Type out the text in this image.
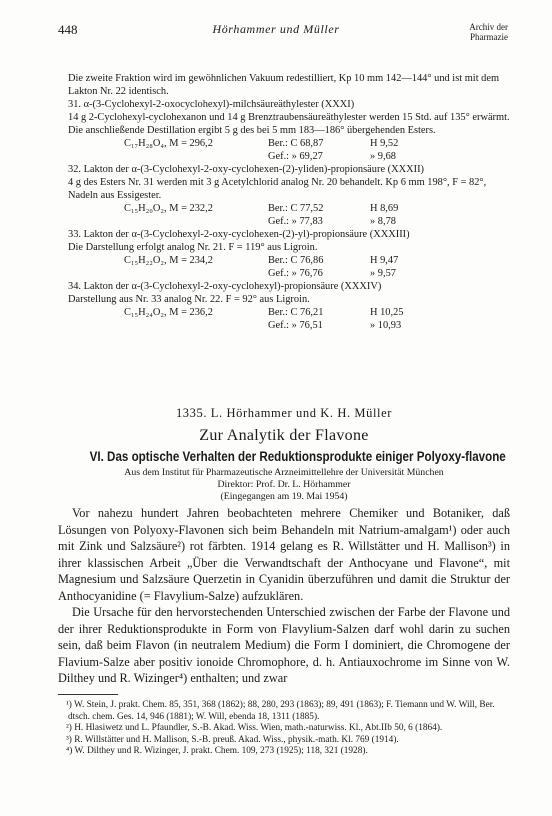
448	Hörhammer und Müller	Archiv der
Pharmazie

Die zweite Fraktion wird im gewöhnlichen Vakuum redestilliert, Kp 10 mm 142—144° und ist mit dem Lakton Nr. 22 identisch.

31. α-(3-Cyclohexyl-2-oxocyclohexyl)-milchsäureäthylester (XXXI)

14 g 2-Cyclohexyl-cyclohexanon und 14 g Brenztraubensäureäthylester werden 15 Std. auf 135° erwärmt. Die anschließende Destillation ergibt 5 g des bei 5 mm 183—186° übergehenden Esters.

C₁₇H₂₈O₄, M = 296,2	Ber.: C 68,87	H 9,52
Gef.: » 69,27	» 9,68

32. Lakton der α-(3-Cyclohexyl-2-oxy-cyclohexen-(2)-yliden)-propionsäure (XXXII)

4 g des Esters Nr. 31 werden mit 3 g Acetylchlorid analog Nr. 20 behandelt. Kp 6 mm 198°, F = 82°, Nadeln aus Essigester.

C₁₅H₂₀O₂, M = 232,2	Ber.: C 77,52	H 8,69
Gef.: » 77,83	» 8,78

33. Lakton der α-(3-Cyclohexyl-2-oxy-cyclohexen-(2)-yl)-propionsäure (XXXIII)

Die Darstellung erfolgt analog Nr. 21. F = 119° aus Ligroin.

C₁₅H₂₂O₂, M = 234,2	Ber.: C 76,86	H 9,47
Gef.: » 76,76	» 9,57

34. Lakton der α-(3-Cyclohexyl-2-oxy-cyclohexyl)-propionsäure (XXXIV)

Darstellung aus Nr. 33 analog Nr. 22. F = 92° aus Ligroin.

C₁₅H₂₄O₂, M = 236,2	Ber.: C 76,21	H 10,25
Gef.: » 76,51	» 10,93
1335. L. Hörhammer und K. H. Müller
Zur Analytik der Flavone
VI. Das optische Verhalten der Reduktionsprodukte einiger Polyoxy-flavone
Aus dem Institut für Pharmazeutische Arzneimittellehre der Universität München
Direktor: Prof. Dr. L. Hörhammer
(Eingegangen am 19. Mai 1954)

Vor nahezu hundert Jahren beobachteten mehrere Chemiker und Botaniker, daß Lösungen von Polyoxy-Flavonen sich beim Behandeln mit Natrium-amalgam¹) oder auch mit Zink und Salzsäure²) rot färbten. 1914 gelang es R. Willstätter und H. Mallison³) in ihrer klassischen Arbeit „Über die Verwandtschaft der Anthocyane und Flavone“, mit Magnesium und Salzsäure Querzetin in Cyanidin überzuführen und damit die Struktur der Anthocyanidine (= Flavylium-Salze) aufzuklären.

Die Ursache für den hervorstechenden Unterschied zwischen der Farbe der Flavone und der ihrer Reduktionsprodukte in Form von Flavylium-Salzen darf wohl darin zu suchen sein, daß beim Flavon (in neutralem Medium) die Form I dominiert, die Chromogene der Flavium-Salze aber positiv ionoide Chromophore, d. h. Antiauxochrome im Sinne von W. Dilthey und R. Wizinger⁴) enthalten; und zwar

¹) W. Stein, J. prakt. Chem. 85, 351, 368 (1862); 88, 280, 293 (1863); 89, 491 (1863); F. Tiemann und W. Will, Ber. dtsch. chem. Ges. 14, 946 (1881); W. Will, ebenda 18, 1311 (1885).

²) H. Hlasiwetz und L. Pfaundler, S.-B. Akad. Wiss. Wien, math.-naturwiss. Kl., Abt.IIb 50, 6 (1864).

³) R. Willstätter und H. Mallison, S.-B. preuß. Akad. Wiss., physik.-math. Kl. 769 (1914).

⁴) W. Dilthey und R. Wizinger, J. prakt. Chem. 109, 273 (1925); 118, 321 (1928).
